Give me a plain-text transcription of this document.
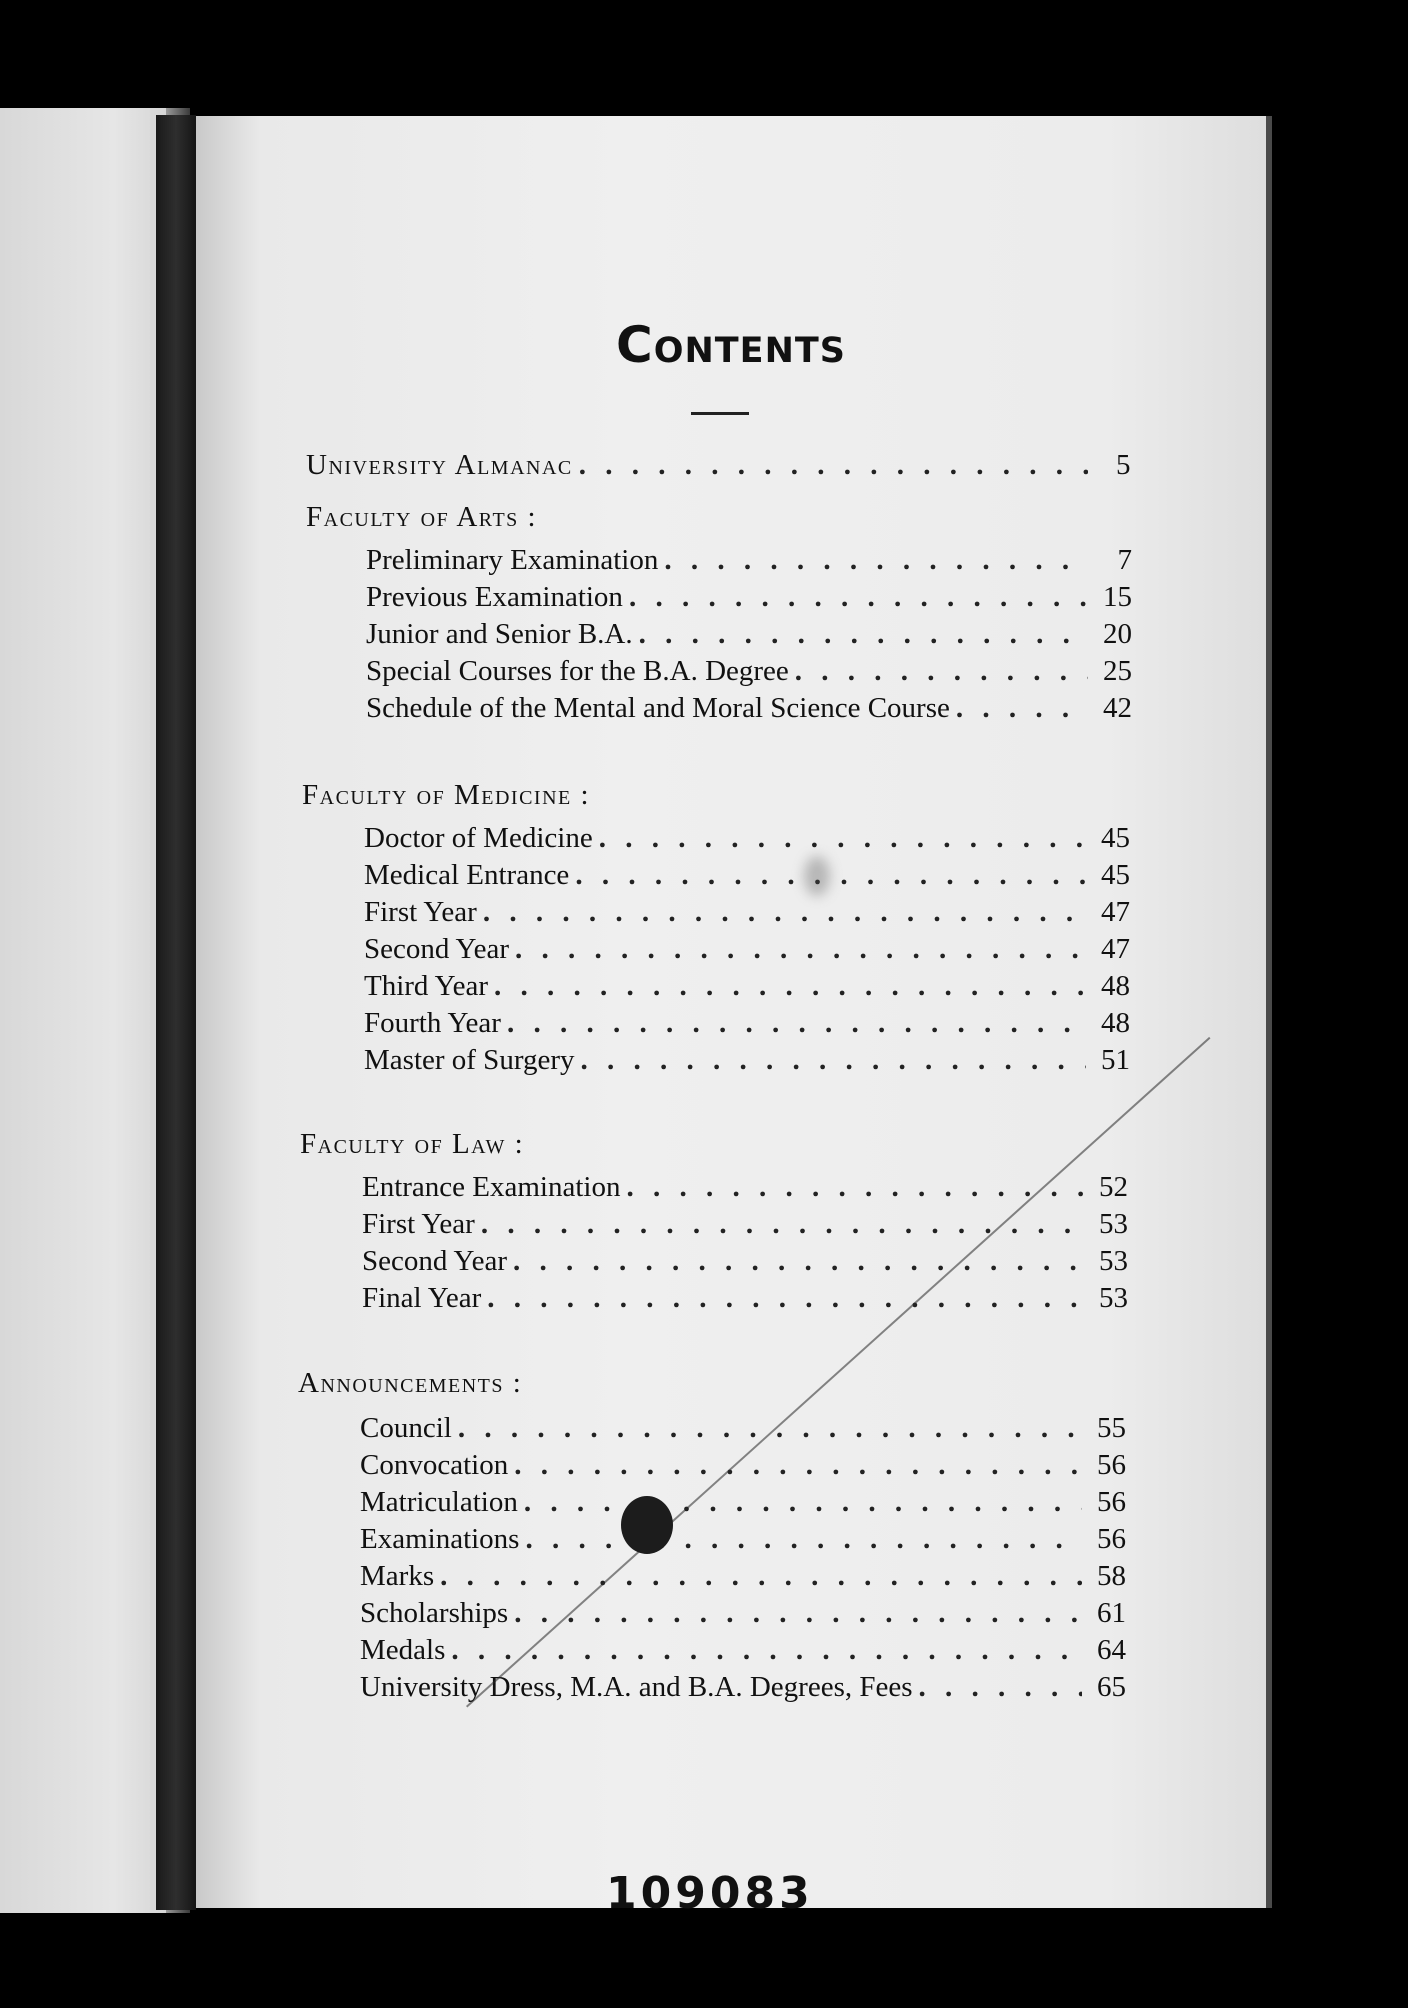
Contents
University Almanac . . .	5
Faculty of Arts :
Preliminary Examination . . .	7
Previous Examination . . .	15
Junior and Senior B.A. . . .	20
Special Courses for the B.A. Degree . . .	25
Schedule of the Mental and Moral Science Course . . .	42
Faculty of Medicine :
Doctor of Medicine . . .	45
Medical Entrance . . .	45
First Year . . .	47
Second Year . . .	47
Third Year . . .	48
Fourth Year . . .	48
Master of Surgery . . .	51
Faculty of Law :
Entrance Examination . . .	52
First Year . . .	53
Second Year . . .	53
Final Year . . .	53
Announcements :
Council . . .	55
Convocation . . .	56
Matriculation . . .	56
Examinations . . .	56
Marks . . .	58
Scholarships . . .	61
Medals . . .	64
University Dress, M.A. and B.A. Degrees, Fees . . .	65
109083
